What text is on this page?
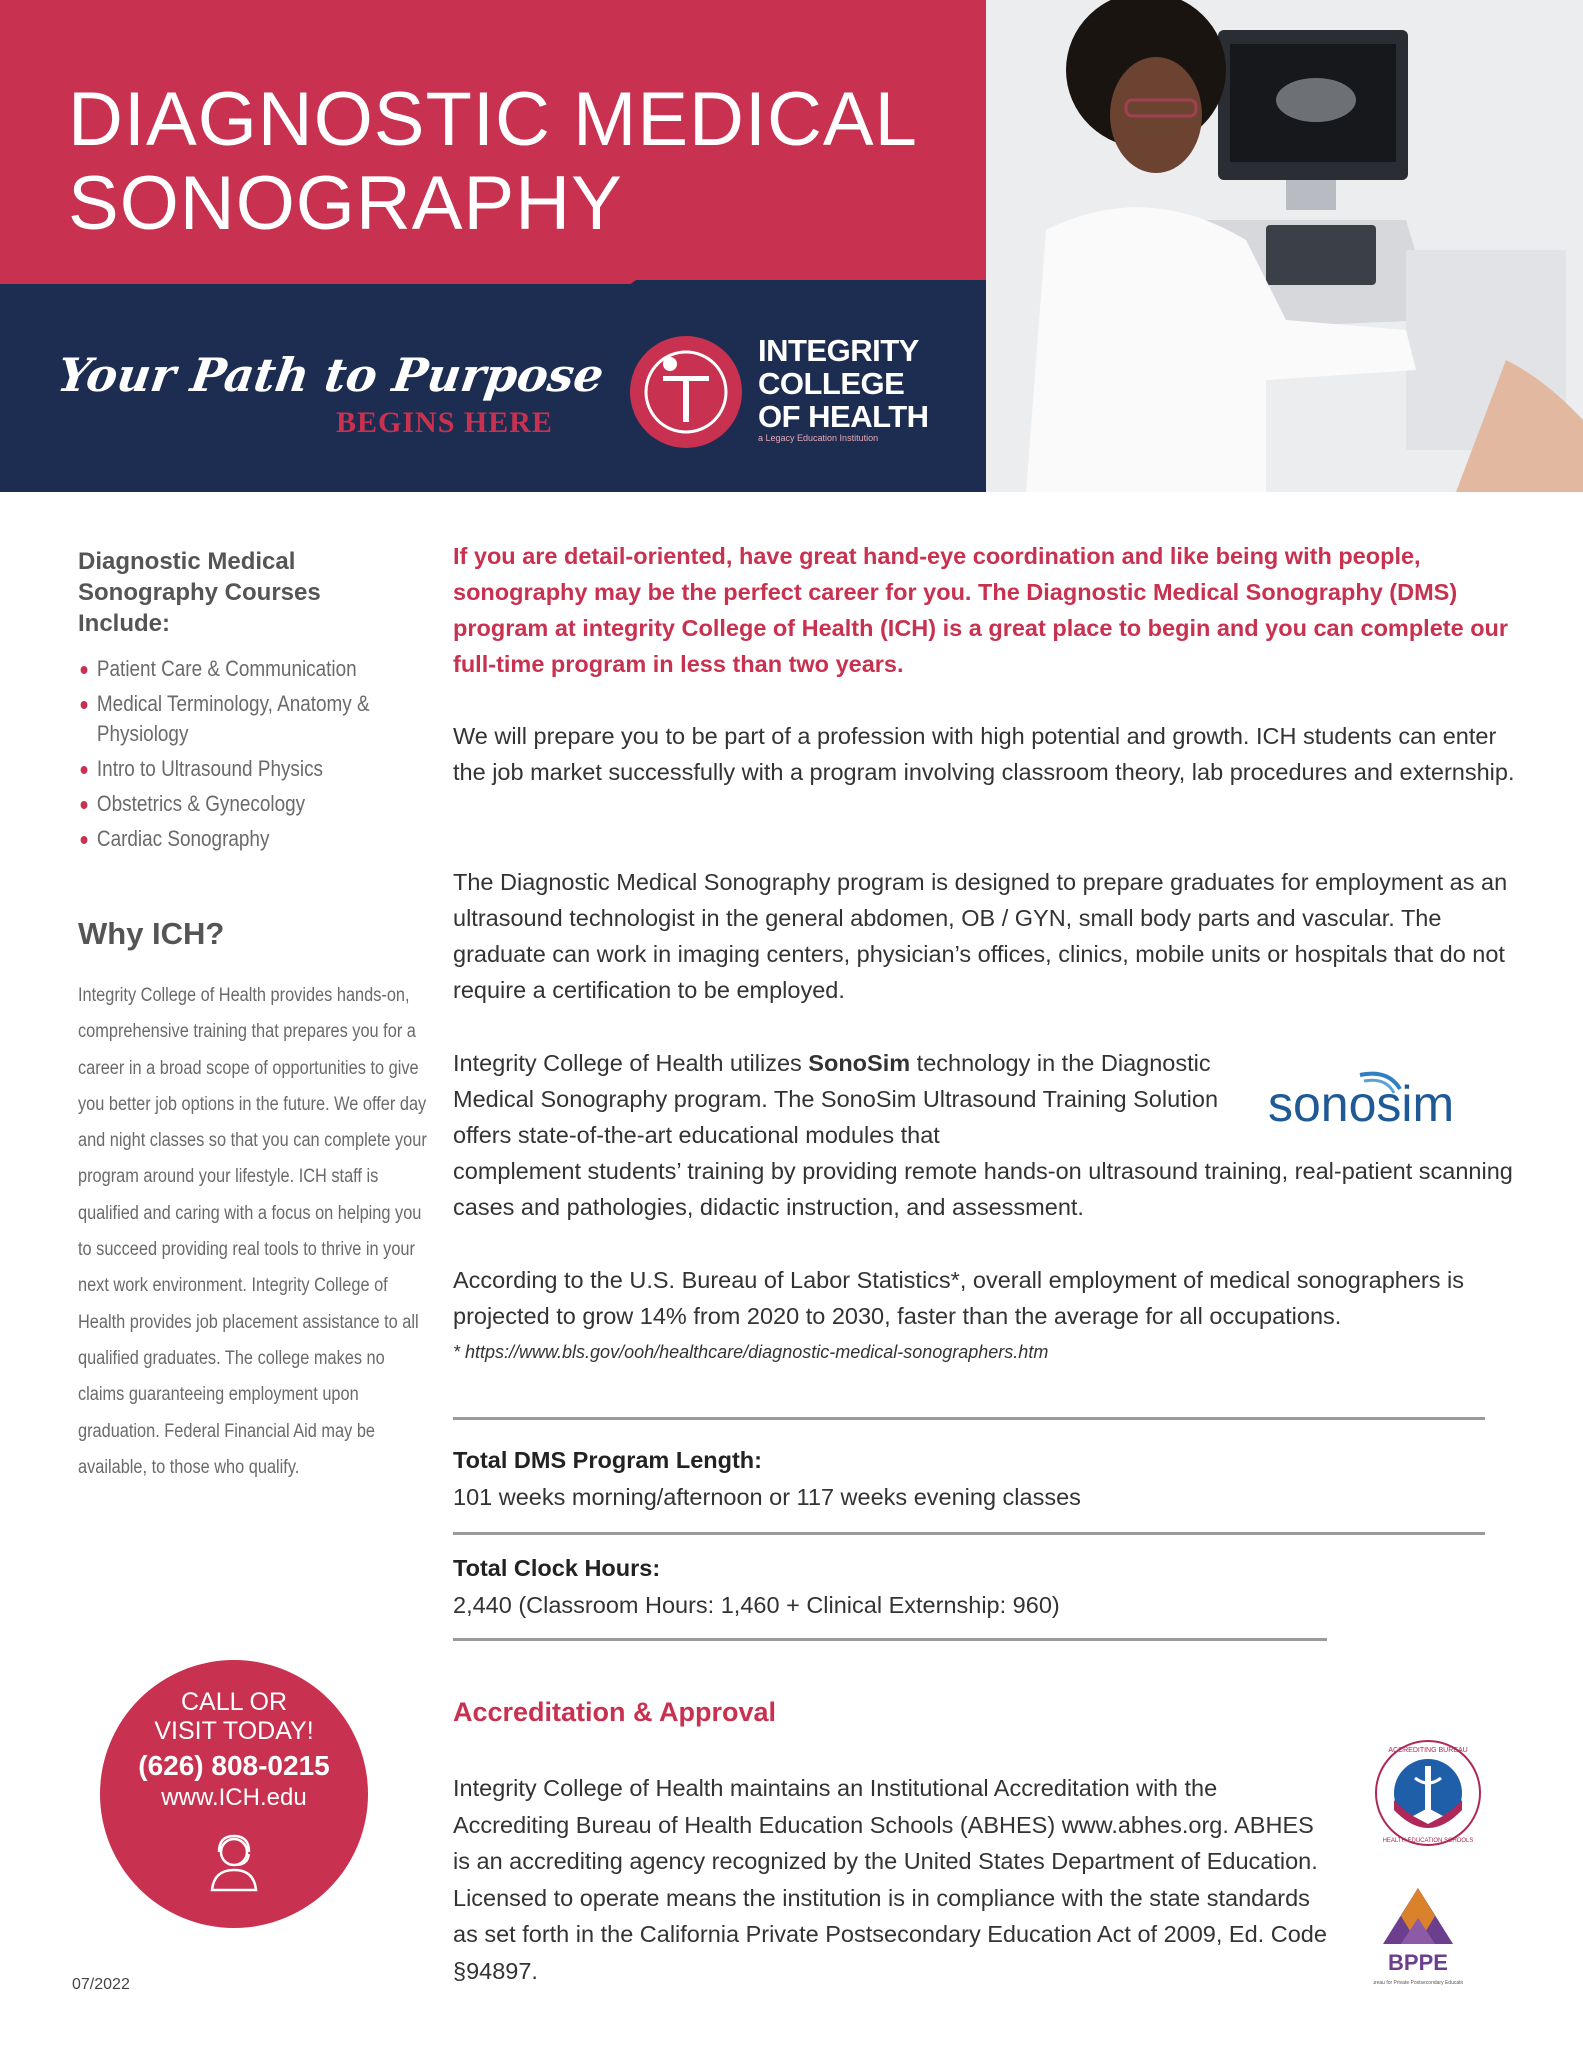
DIAGNOSTIC MEDICAL
SONOGRAPHY
Your Path to Purpose
BEGINS HERE
INTEGRITY
COLLEGE
OF HEALTH
a Legacy Education Institution
Diagnostic Medical Sonography Courses Include:
Patient Care & Communication
Medical Terminology, Anatomy & Physiology
Intro to Ultrasound Physics
Obstetrics & Gynecology
Cardiac Sonography
Why ICH?
Integrity College of Health provides hands-on, comprehensive training that prepares you for a career in a broad scope of opportunities to give you better job options in the future. We offer day and night classes so that you can complete your program around your lifestyle. ICH staff is qualified and caring with a focus on helping you to succeed providing real tools to thrive in your next work environment. Integrity College of Health provides job placement assistance to all qualified graduates. The college makes no claims guaranteeing employment upon graduation. Federal Financial Aid may be available, to those who qualify.
CALL OR
VISIT TODAY!
(626) 808-0215
www.ICH.edu
07/2022
If you are detail-oriented, have great hand-eye coordination and like being with people, sonography may be the perfect career for you. The Diagnostic Medical Sonography (DMS) program at integrity College of Health (ICH) is a great place to begin and you can complete our full-time program in less than two years.
We will prepare you to be part of a profession with high potential and growth. ICH students can enter the job market successfully with a program involving classroom theory, lab procedures and externship.
The Diagnostic Medical Sonography program is designed to prepare graduates for employment as an ultrasound technologist in the general abdomen, OB / GYN, small body parts and vascular. The graduate can work in imaging centers, physician’s offices, clinics, mobile units or hospitals that do not require a certification to be employed.
Integrity College of Health utilizes SonoSim technology in the Diagnostic Medical Sonography program. The SonoSim Ultrasound Training Solution offers state-of-the-art educational modules that
complement students’ training by providing remote hands-on ultrasound training, real-patient scanning cases and pathologies, didactic instruction, and assessment.
sonosim
According to the U.S. Bureau of Labor Statistics*, overall employment of medical sonographers is projected to grow 14% from 2020 to 2030, faster than the average for all occupations.
* https://www.bls.gov/ooh/healthcare/diagnostic-medical-sonographers.htm
Total DMS Program Length:
101 weeks morning/afternoon or 117 weeks evening classes
Total Clock Hours:
2,440 (Classroom Hours: 1,460 + Clinical Externship: 960)
Accreditation & Approval
Integrity College of Health maintains an Institutional Accreditation with the Accrediting Bureau of Health Education Schools (ABHES) www.abhes.org. ABHES is an accrediting agency recognized by the United States Department of Education. Licensed to operate means the institution is in compliance with the state standards as set forth in the California Private Postsecondary Education Act of 2009, Ed. Code §94897.
ACCREDITING BUREAU
HEALTH EDUCATION SCHOOLS
BPPE
Bureau for Private Postsecondary Education
